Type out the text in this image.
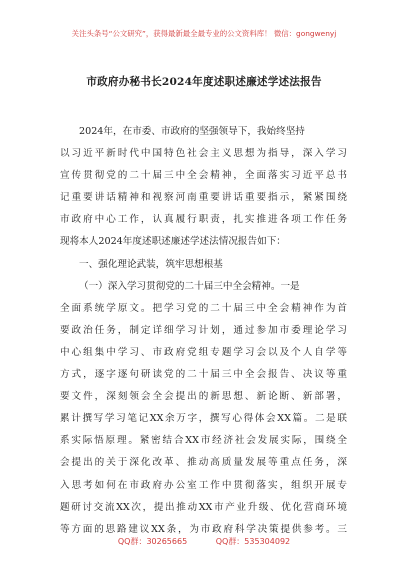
关注头条号“公文研究”，获得最新最全最专业的公文资料库！ 微信：gongwenyj
市政府办秘书长2024年度述职述廉述学述法报告
2024年，在市委、市政府的坚强领导下，我始终坚持
以习近平新时代中国特色社会主义思想为指导，深入学习
宣传贯彻党的二十届三中全会精神，全面落实习近平总书
记重要讲话精神和视察河南重要讲话重要指示，紧紧围绕
市政府中心工作，认真履行职责，扎实推进各项工作任务
现将本人2024年度述职述廉述学述法情况报告如下：
一、强化理论武装，筑牢思想根基
（一）深入学习贯彻党的二十届三中全会精神。一是
全面系统学原文。把学习党的二十届三中全会精神作为首
要政治任务，制定详细学习计划，通过参加市委理论学习
中心组集中学习、市政府党组专题学习会以及个人自学等
方式，逐字逐句研读党的二十届三中全会报告、决议等重
要文件，深刻领会全会提出的新思想、新论断、新部署，
累计撰写学习笔记XX余万字，撰写心得体会XX篇。二是联
系实际悟原理。紧密结合XX市经济社会发展实际，围绕全
会提出的关于深化改革、推动高质量发展等重点任务，深
入思考如何在市政府办公室工作中贯彻落实，组织开展专
题研讨交流XX次，提出推动XX市产业升级、优化营商环境
等方面的思路建议XX条，为市政府科学决策提供参考。三
QQ群：30265665	QQ群：535304092
